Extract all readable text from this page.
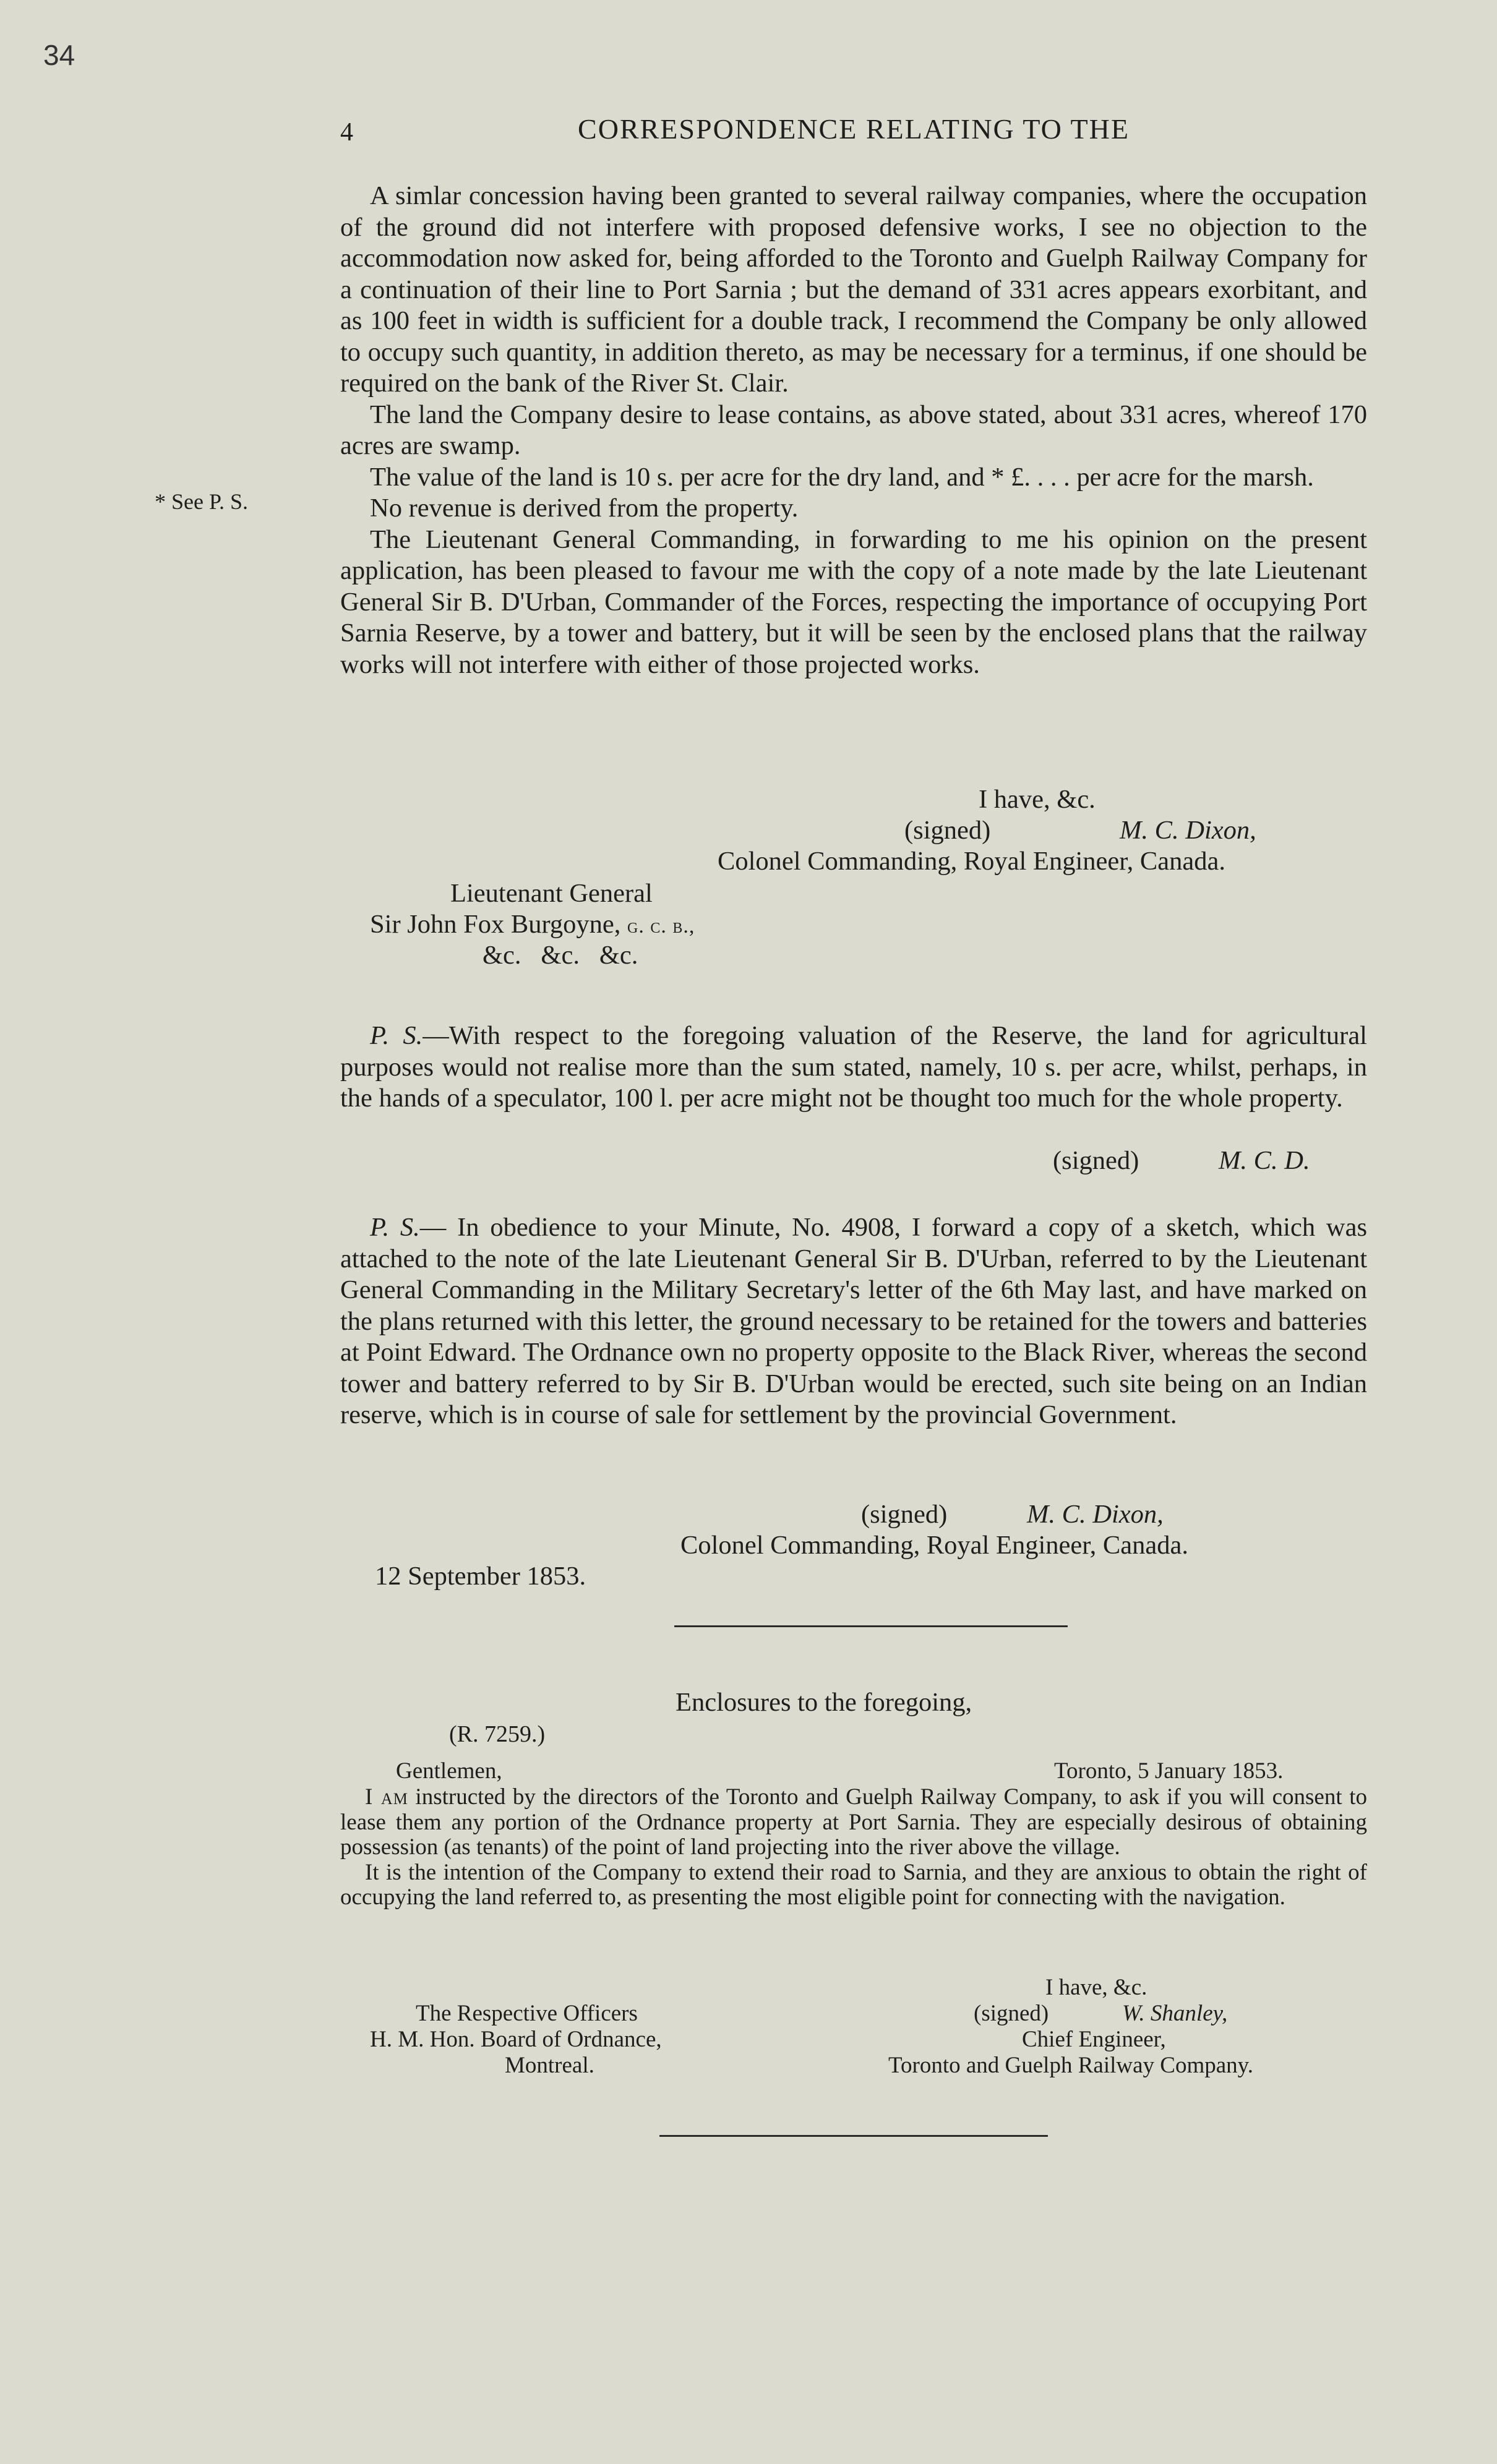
34
4	CORRESPONDENCE RELATING TO THE
* See P. S.

A simlar concession having been granted to several railway companies, where the occupation of the ground did not interfere with proposed defensive works, I see no objection to the accommodation now asked for, being afforded to the Toronto and Guelph Railway Company for a continuation of their line to Port Sarnia ; but the demand of 331 acres appears exorbitant, and as 100 feet in width is sufficient for a double track, I recommend the Company be only allowed to occupy such quantity, in addition thereto, as may be necessary for a terminus, if one should be required on the bank of the River St. Clair.

The land the Company desire to lease contains, as above stated, about 331 acres, whereof 170 acres are swamp.

The value of the land is 10 s. per acre for the dry land, and * £. . . . per acre for the marsh.

No revenue is derived from the property.

The Lieutenant General Commanding, in forwarding to me his opinion on the present application, has been pleased to favour me with the copy of a note made by the late Lieutenant General Sir B. D'Urban, Commander of the Forces, respecting the importance of occupying Port Sarnia Reserve, by a tower and battery, but it will be seen by the enclosed plans that the railway works will not interfere with either of those projected works.

I have, &c.
(signed)	M. C. Dixon,
Colonel Commanding, Royal Engineer, Canada.
Lieutenant General
Sir John Fox Burgoyne, g. c. b.,
&c.   &c.   &c.

P. S.—With respect to the foregoing valuation of the Reserve, the land for agricultural purposes would not realise more than the sum stated, namely, 10 s. per acre, whilst, perhaps, in the hands of a speculator, 100 l. per acre might not be thought too much for the whole property.

(signed)	M. C. D.

P. S.— In obedience to your Minute, No. 4908, I forward a copy of a sketch, which was attached to the note of the late Lieutenant General Sir B. D'Urban, referred to by the Lieutenant General Commanding in the Military Secretary's letter of the 6th May last, and have marked on the plans returned with this letter, the ground necessary to be retained for the towers and batteries at Point Edward. The Ordnance own no property opposite to the Black River, whereas the second tower and battery referred to by Sir B. D'Urban would be erected, such site being on an Indian reserve, which is in course of sale for settlement by the provincial Government.

(signed)	M. C. Dixon,
Colonel Commanding, Royal Engineer, Canada.
12 September 1853.
Enclosures to the foregoing,
(R. 7259.)
Gentlemen,	Toronto, 5 January 1853.

I am instructed by the directors of the Toronto and Guelph Railway Company, to ask if you will consent to lease them any portion of the Ordnance property at Port Sarnia. They are especially desirous of obtaining possession (as tenants) of the point of land projecting into the river above the village.

It is the intention of the Company to extend their road to Sarnia, and they are anxious to obtain the right of occupying the land referred to, as presenting the most eligible point for connecting with the navigation.

I have, &c.
(signed)	W. Shanley,
Chief Engineer,
Toronto and Guelph Railway Company.
The Respective Officers
H. M. Hon. Board of Ordnance,
Montreal.
